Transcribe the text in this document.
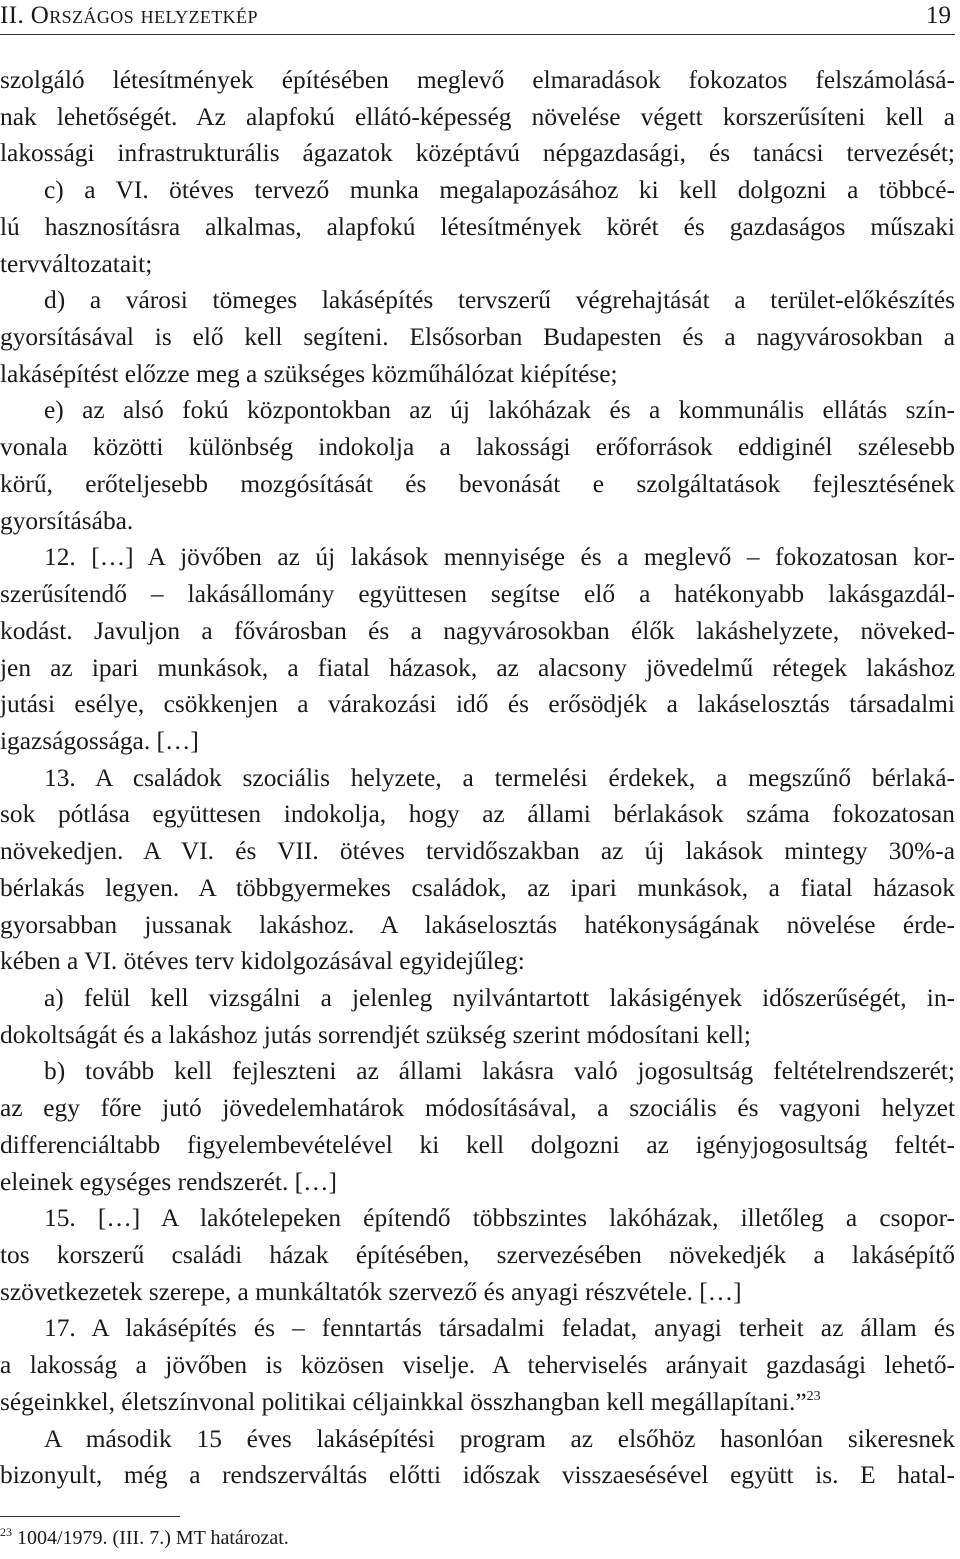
II. Országos helyzetkép	19
szolgáló létesítmények építésében meglevő elmaradások fokozatos felszámolásá-
nak lehetőségét. Az alapfokú ellátó-képesség növelése végett korszerűsíteni kell a
lakossági infrastrukturális ágazatok középtávú népgazdasági, és tanácsi tervezését;
c) a VI. ötéves tervező munka megalapozásához ki kell dolgozni a többcé-
lú hasznosításra alkalmas, alapfokú létesítmények körét és gazdaságos műszaki
tervváltozatait;
d) a városi tömeges lakásépítés tervszerű végrehajtását a terület-előkészítés
gyorsításával is elő kell segíteni. Elsősorban Budapesten és a nagyvárosokban a
lakásépítést előzze meg a szükséges közműhálózat kiépítése;
e) az alsó fokú központokban az új lakóházak és a kommunális ellátás szín-
vonala közötti különbség indokolja a lakossági erőforrások eddiginél szélesebb
körű, erőteljesebb mozgósítását és bevonását e szolgáltatások fejlesztésének
gyorsításába.
12. […] A jövőben az új lakások mennyisége és a meglevő – fokozatosan kor-
szerűsítendő – lakásállomány együttesen segítse elő a hatékonyabb lakásgazdál-
kodást. Javuljon a fővárosban és a nagyvárosokban élők lakáshelyzete, növeked-
jen az ipari munkások, a fiatal házasok, az alacsony jövedelmű rétegek lakáshoz
jutási esélye, csökkenjen a várakozási idő és erősödjék a lakáselosztás társadalmi
igazságossága. […]
13. A családok szociális helyzete, a termelési érdekek, a megszűnő bérlaká-
sok pótlása együttesen indokolja, hogy az állami bérlakások száma fokozatosan
növekedjen. A VI. és VII. ötéves tervidőszakban az új lakások mintegy 30%-a
bérlakás legyen. A többgyermekes családok, az ipari munkások, a fiatal házasok
gyorsabban jussanak lakáshoz. A lakáselosztás hatékonyságának növelése érde-
kében a VI. ötéves terv kidolgozásával egyidejűleg:
a) felül kell vizsgálni a jelenleg nyilvántartott lakásigények időszerűségét, in-
dokoltságát és a lakáshoz jutás sorrendjét szükség szerint módosítani kell;
b) tovább kell fejleszteni az állami lakásra való jogosultság feltételrendszerét;
az egy főre jutó jövedelemhatárok módosításával, a szociális és vagyoni helyzet
differenciáltabb figyelembevételével ki kell dolgozni az igényjogosultság feltét-
eleinek egységes rendszerét. […]
15. […] A lakótelepeken építendő többszintes lakóházak, illetőleg a csopor-
tos korszerű családi házak építésében, szervezésében növekedjék a lakásépítő
szövetkezetek szerepe, a munkáltatók szervező és anyagi részvétele. […]
17. A lakásépítés és – fenntartás társadalmi feladat, anyagi terheit az állam és
a lakosság a jövőben is közösen viselje. A teherviselés arányait gazdasági lehető-
ségeinkkel, életszínvonal politikai céljainkkal összhangban kell megállapítani.”$^{23}$
A második 15 éves lakásépítési program az elsőhöz hasonlóan sikeresnek
bizonyult, még a rendszerváltás előtti időszak visszaesésével együtt is. E hatal-
$^{23}$ 1004/1979. (III. 7.) MT határozat.
